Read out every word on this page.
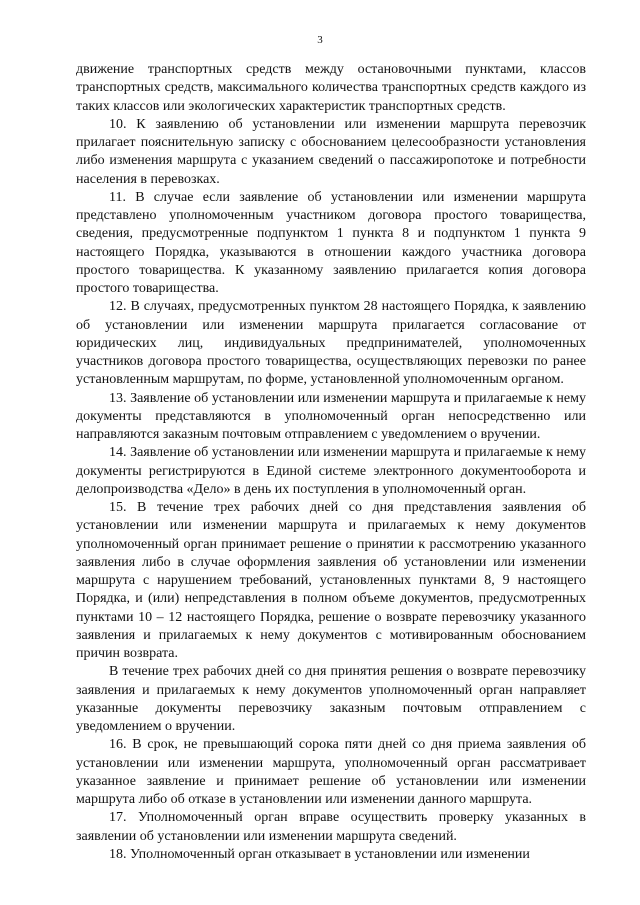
3

движение транспортных средств между остановочными пунктами, классов транспортных средств, максимального количества транспортных средств каждого из таких классов или экологических характеристик транспортных средств.

10. К заявлению об установлении или изменении маршрута перевозчик прилагает пояснительную записку с обоснованием целесообразности установления либо изменения маршрута с указанием сведений о пассажиропотоке и потребности населения в перевозках.

11. В случае если заявление об установлении или изменении маршрута представлено уполномоченным участником договора простого товарищества, сведения, предусмотренные подпунктом 1 пункта 8 и подпунктом 1 пункта 9 настоящего Порядка, указываются в отношении каждого участника договора простого товарищества. К указанному заявлению прилагается копия договора простого товарищества.

12. В случаях, предусмотренных пунктом 28 настоящего Порядка, к заявлению об установлении или изменении маршрута прилагается согласование от юридических лиц, индивидуальных предпринимателей, уполномоченных участников договора простого товарищества, осуществляющих перевозки по ранее установленным маршрутам, по форме, установленной уполномоченным органом.

13. Заявление об установлении или изменении маршрута и прилагаемые к нему документы представляются в уполномоченный орган непосредственно или направляются заказным почтовым отправлением с уведомлением о вручении.

14. Заявление об установлении или изменении маршрута и прилагаемые к нему документы регистрируются в Единой системе электронного документооборота и делопроизводства «Дело» в день их поступления в уполномоченный орган.

15. В течение трех рабочих дней со дня представления заявления об установлении или изменении маршрута и прилагаемых к нему документов уполномоченный орган принимает решение о принятии к рассмотрению указанного заявления либо в случае оформления заявления об установлении или изменении маршрута с нарушением требований, установленных пунктами 8, 9 настоящего Порядка, и (или) непредставления в полном объеме документов, предусмотренных пунктами 10 – 12 настоящего Порядка, решение о возврате перевозчику указанного заявления и прилагаемых к нему документов с мотивированным обоснованием причин возврата.

В течение трех рабочих дней со дня принятия решения о возврате перевозчику заявления и прилагаемых к нему документов уполномоченный орган направляет указанные документы перевозчику заказным почтовым отправлением с уведомлением о вручении.

16. В срок, не превышающий сорока пяти дней со дня приема заявления об установлении или изменении маршрута, уполномоченный орган рассматривает указанное заявление и принимает решение об установлении или изменении маршрута либо об отказе в установлении или изменении данного маршрута.

17. Уполномоченный орган вправе осуществить проверку указанных в заявлении об установлении или изменении маршрута сведений.

18. Уполномоченный орган отказывает в установлении или изменении
